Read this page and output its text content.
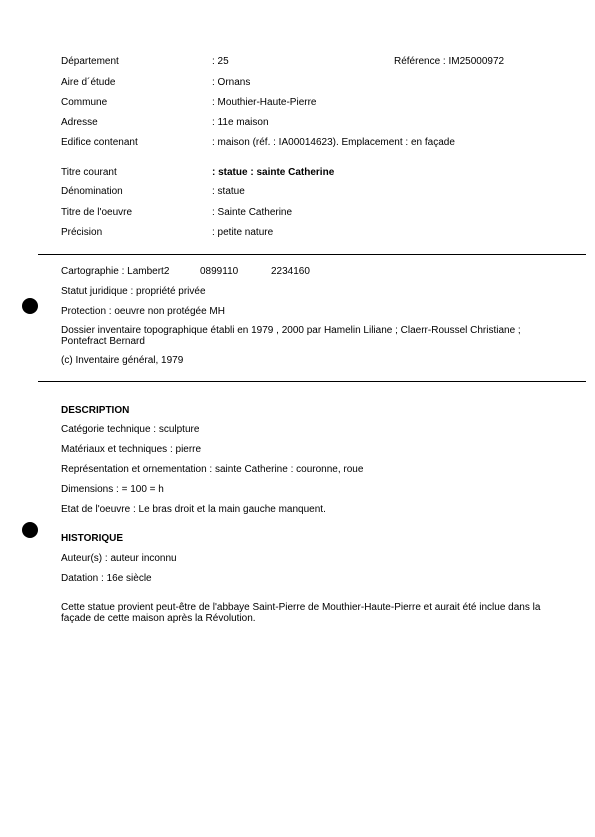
Département	: 25	Référence : IM25000972
Aire d´étude	: Ornans
Commune	: Mouthier-Haute-Pierre
Adresse	: 11e maison
Edifice contenant	: maison (réf. : IA00014623). Emplacement : en façade
Titre courant	: statue : sainte Catherine
Dénomination	: statue
Titre de l'oeuvre	: Sainte Catherine
Précision	: petite nature
Cartographie : Lambert2	0899110	2234160
Statut juridique : propriété privée
Protection : oeuvre non protégée MH
Dossier inventaire topographique établi en 1979 , 2000 par Hamelin Liliane ; Claerr-Roussel Christiane ; Pontefract Bernard
(c) Inventaire général, 1979
DESCRIPTION
Catégorie technique : sculpture
Matériaux et techniques : pierre
Représentation et ornementation : sainte Catherine : couronne, roue
Dimensions : = 100 = h
Etat de l'oeuvre : Le bras droit et la main gauche manquent.
HISTORIQUE
Auteur(s) : auteur inconnu
Datation : 16e siècle
Cette statue provient peut-être de l'abbaye Saint-Pierre de Mouthier-Haute-Pierre et aurait été inclue dans la façade de cette maison après la Révolution.
